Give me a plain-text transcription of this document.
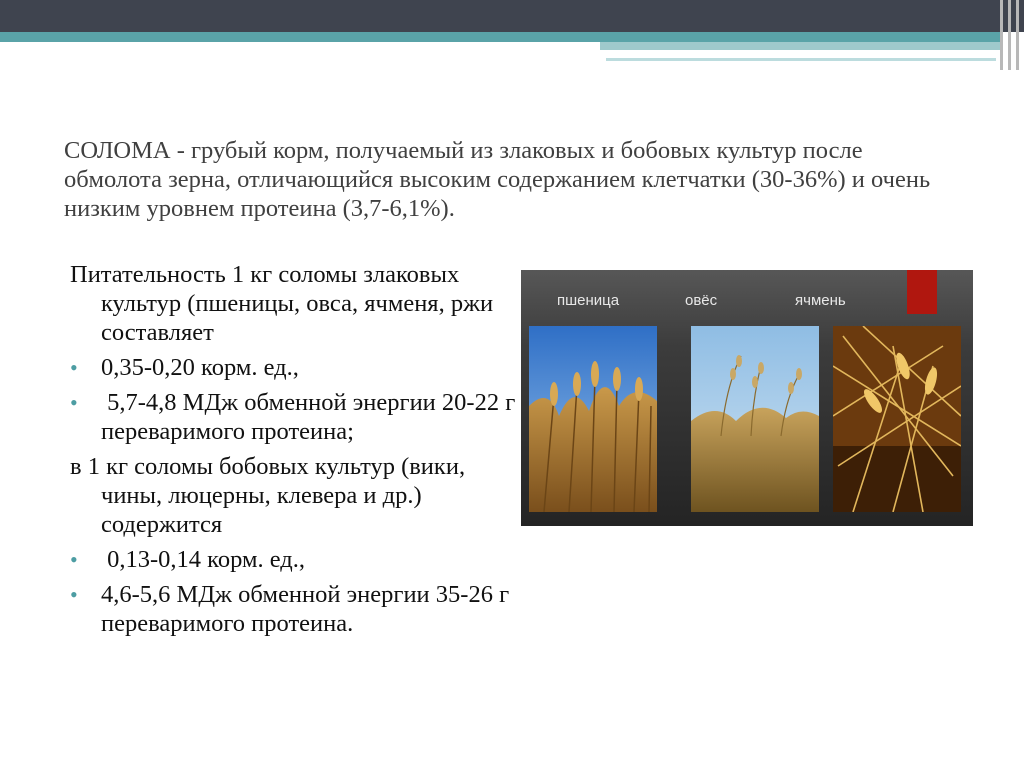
СОЛОМА - грубый корм, получаемый из злаковых и бобовых культур после обмолота зерна, отличающийся высоким содержанием клетчатки (30-36%) и очень низким уровнем протеина (3,7-6,1%).

Питательность 1 кг соломы злаковых культур (пшеницы, овса, ячменя, ржи составляет

• 0,35-0,20 корм. ед.,
• 5,7-4,8 МДж обменной энергии 20-22 г переваримого протеина;

в 1 кг соломы бобовых культур (вики, чины, люцерны, клевера и др.) содержится

• 0,13-0,14 корм. ед.,
• 4,6-5,6 МДж обменной энергии 35-26 г переваримого протеина.
пшеница	овёс	ячмень
